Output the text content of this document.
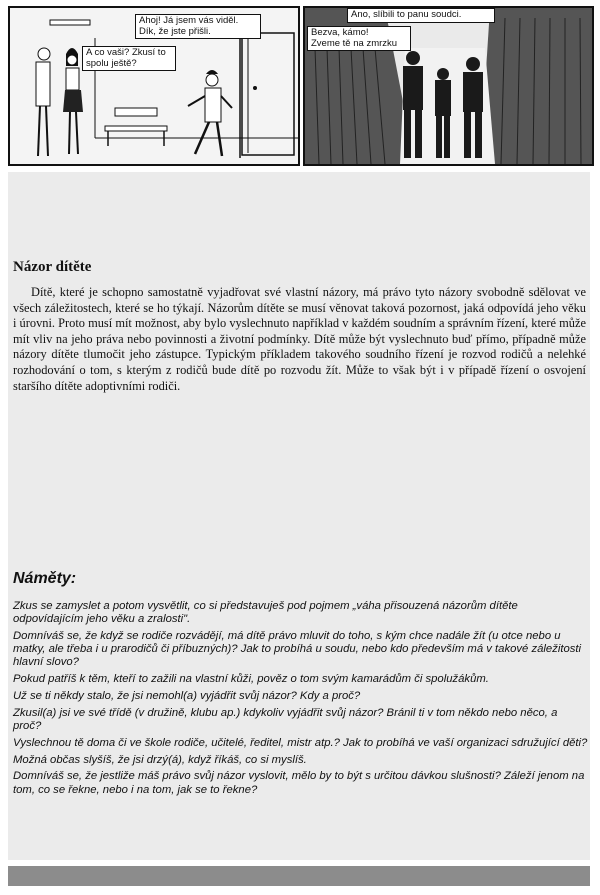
Ahoj! Já jsem vás viděl.
Dík, že jste přišli.
A co vaši? Zkusí to
spolu ještě?
Ano, slíbili to panu soudci.
Bezva, kámo!
Zveme tě na zmrzku
Názor dítěte

Dítě, které je schopno samostatně vyjadřovat své vlastní názory, má právo tyto názory svobodně sdělovat ve všech záležitostech, které se ho týkají. Názorům dítěte se musí věnovat taková pozornost, jaká odpovídá jeho věku i úrovni. Proto musí mít možnost, aby bylo vyslechnuto například v každém soudním a správním řízení, které může mít vliv na jeho práva nebo povinnosti a životní podmínky. Dítě může být vyslechnuto buď přímo, případně může názory dítěte tlumočit jeho zástupce. Typickým příkladem takového soudního řízení je rozvod rodičů a nelehké rozhodování o tom, s kterým z rodičů bude dítě po rozvodu žít. Může to však být i v případě řízení o osvojení staršího dítěte adoptivními rodiči.

Náměty:
Zkus se zamyslet a potom vysvětlit, co si představuješ pod pojmem „váha přisouzená názorům dítěte odpovídajícím jeho věku a zralosti".
Domníváš se, že když se rodiče rozvádějí, má dítě právo mluvit do toho, s kým chce nadále žít (u otce nebo u matky, ale třeba i u prarodičů či příbuzných)? Jak to probíhá u soudu, nebo kdo především má v takové záležitosti hlavní slovo?
Pokud patříš k těm, kteří to zažili na vlastní kůži, pověz o tom svým kamarádům či spolužákům.
Už se ti někdy stalo, že jsi nemohl(a) vyjádřit svůj názor? Kdy a proč?
Zkusil(a) jsi ve své třídě (v družině, klubu ap.) kdykoliv vyjádřit svůj názor? Bránil ti v tom někdo nebo něco, a proč?
Vyslechnou tě doma či ve škole rodiče, učitelé, ředitel, mistr atp.? Jak to probíhá ve vaší organizaci sdružující děti?
Možná občas slyšíš, že jsi drzý(á), když říkáš, co si myslíš.
Domníváš se, že jestliže máš právo svůj názor vyslovit, mělo by to být s určitou dávkou slušnosti? Záleží jenom na tom, co se řekne, nebo i na tom, jak se to řekne?
